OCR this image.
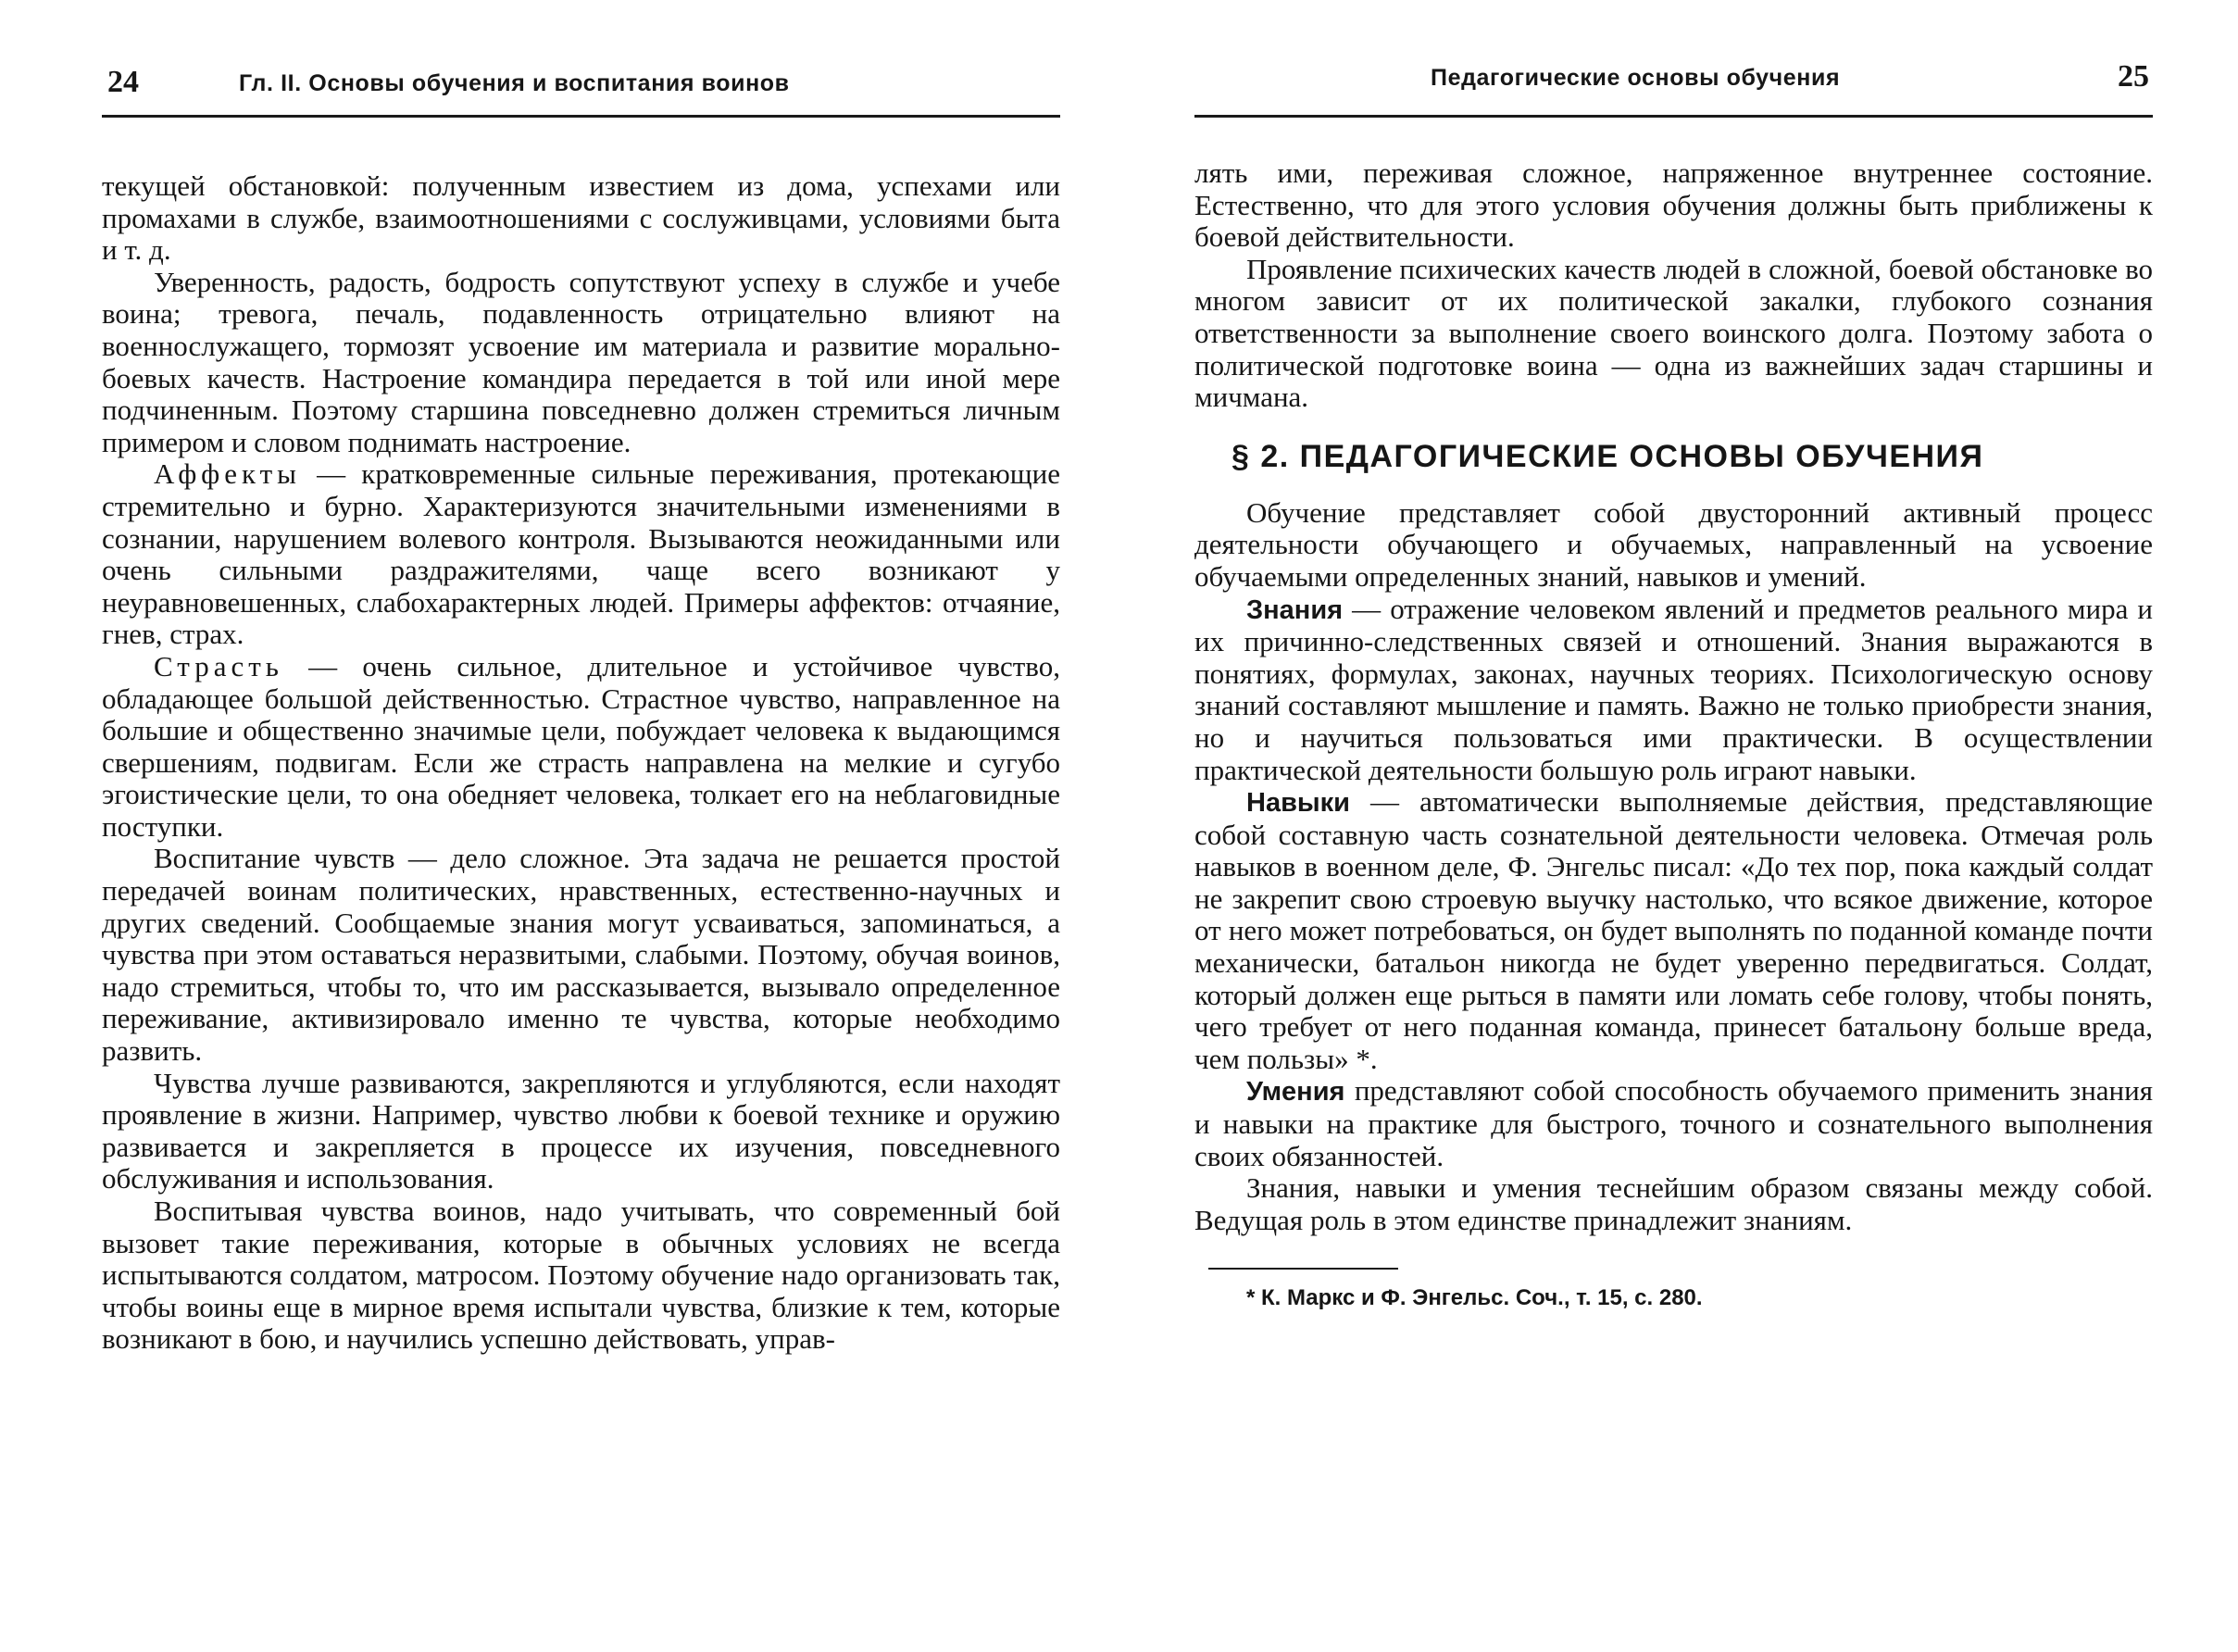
24	Гл. II. Основы обучения и воспитания воинов

текущей обстановкой: полученным известием из дома, успехами или промахами в службе, взаимоотношениями с сослуживцами, условиями быта и т. д.

Уверенность, радость, бодрость сопутствуют успеху в службе и учебе воина; тревога, печаль, подавленность отрицательно влияют на военнослужащего, тормозят усвоение им материала и развитие морально-боевых качеств. Настроение командира передается в той или иной мере подчиненным. Поэтому старшина повседневно должен стремиться личным примером и словом поднимать настроение.

Аффекты — кратковременные сильные переживания, протекающие стремительно и бурно. Характеризуются значительными изменениями в сознании, нарушением волевого контроля. Вызываются неожиданными или очень сильными раздражителями, чаще всего возникают у неуравновешенных, слабохарактерных людей. Примеры аффектов: отчаяние, гнев, страх.

Страсть — очень сильное, длительное и устойчивое чувство, обладающее большой действенностью. Страстное чувство, направленное на большие и общественно значимые цели, побуждает человека к выдающимся свершениям, подвигам. Если же страсть направлена на мелкие и сугубо эгоистические цели, то она обедняет человека, толкает его на неблаговидные поступки.

Воспитание чувств — дело сложное. Эта задача не решается простой передачей воинам политических, нравственных, естественно-научных и других сведений. Сообщаемые знания могут усваиваться, запоминаться, а чувства при этом оставаться неразвитыми, слабыми. Поэтому, обучая воинов, надо стремиться, чтобы то, что им рассказывается, вызывало определенное переживание, активизировало именно те чувства, которые необходимо развить.

Чувства лучше развиваются, закрепляются и углубляются, если находят проявление в жизни. Например, чувство любви к боевой технике и оружию развивается и закрепляется в процессе их изучения, повседневного обслуживания и использования.

Воспитывая чувства воинов, надо учитывать, что современный бой вызовет такие переживания, которые в обычных условиях не всегда испытываются солдатом, матросом. Поэтому обучение надо организовать так, чтобы воины еще в мирное время испытали чувства, близкие к тем, которые возникают в бою, и научились успешно действовать, управ-

Педагогические основы обучения	25

лять ими, переживая сложное, напряженное внутреннее состояние. Естественно, что для этого условия обучения должны быть приближены к боевой действительности.

Проявление психических качеств людей в сложной, боевой обстановке во многом зависит от их политической закалки, глубокого сознания ответственности за выполнение своего воинского долга. Поэтому забота о политической подготовке воина — одна из важнейших задач старшины и мичмана.

§ 2. ПЕДАГОГИЧЕСКИЕ ОСНОВЫ ОБУЧЕНИЯ

Обучение представляет собой двусторонний активный процесс деятельности обучающего и обучаемых, направленный на усвоение обучаемыми определенных знаний, навыков и умений.

Знания — отражение человеком явлений и предметов реального мира и их причинно-следственных связей и отношений. Знания выражаются в понятиях, формулах, законах, научных теориях. Психологическую основу знаний составляют мышление и память. Важно не только приобрести знания, но и научиться пользоваться ими практически. В осуществлении практической деятельности большую роль играют навыки.

Навыки — автоматически выполняемые действия, представляющие собой составную часть сознательной деятельности человека. Отмечая роль навыков в военном деле, Ф. Энгельс писал: «До тех пор, пока каждый солдат не закрепит свою строевую выучку настолько, что всякое движение, которое от него может потребоваться, он будет выполнять по поданной команде почти механически, батальон никогда не будет уверенно передвигаться. Солдат, который должен еще рыться в памяти или ломать себе голову, чтобы понять, чего требует от него поданная команда, принесет батальону больше вреда, чем пользы» *.

Умения представляют собой способность обучаемого применить знания и навыки на практике для быстрого, точного и сознательного выполнения своих обязанностей.

Знания, навыки и умения теснейшим образом связаны между собой. Ведущая роль в этом единстве принадлежит знаниям.

* К. Маркс и Ф. Энгельс. Соч., т. 15, с. 280.
